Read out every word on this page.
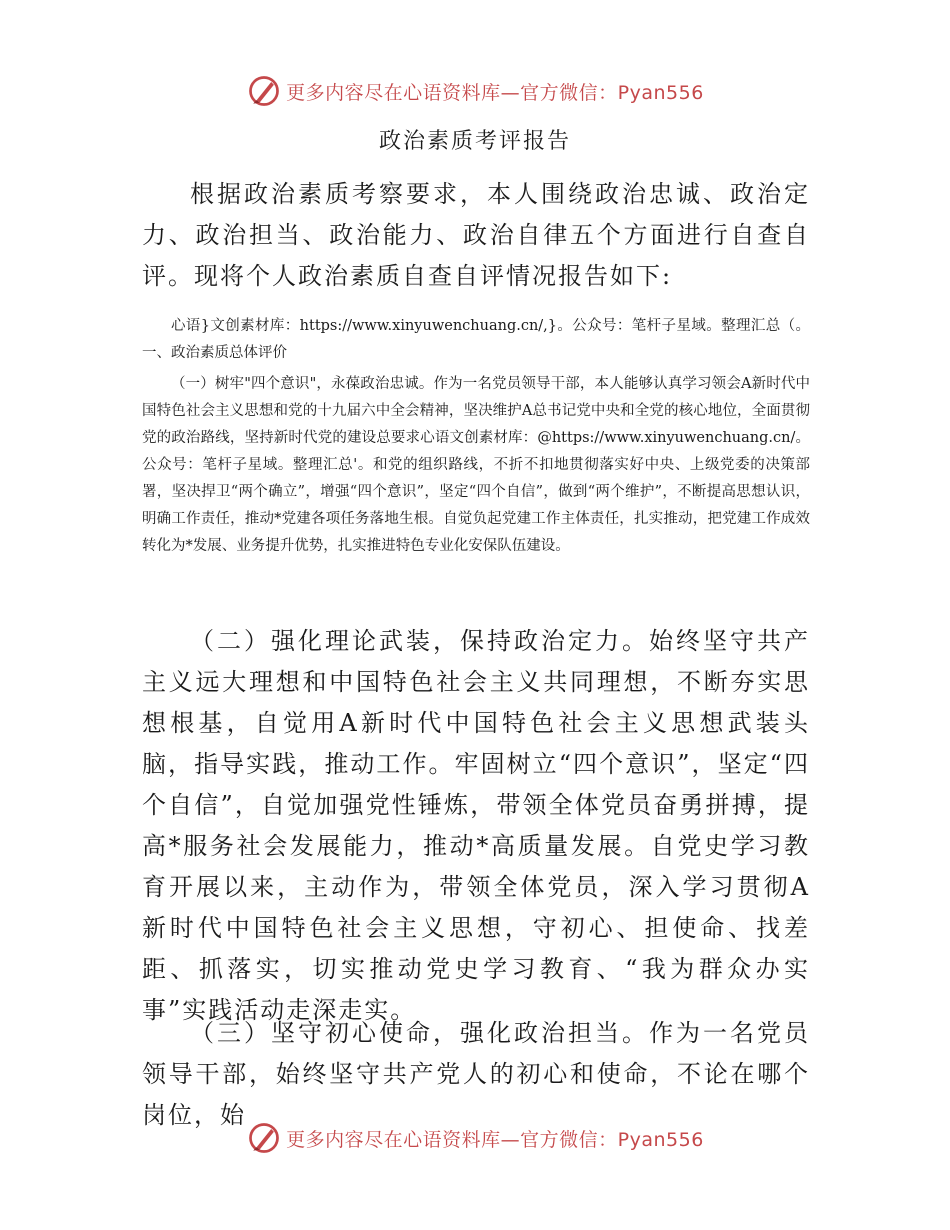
更多内容尽在心语资料库—官方微信：Pyan556
政治素质考评报告

根据政治素质考察要求，本人围绕政治忠诚、政治定力、政治担当、政治能力、政治自律五个方面进行自查自评。现将个人政治素质自查自评情况报告如下:

心语}文创素材库：https://www.xinyuwenchuang.cn/,}。公众号：笔杆子星域。整理汇总（。一、政治素质总体评价

（一）树牢"四个意识"，永葆政治忠诚。作为一名党员领导干部，本人能够认真学习领会A新时代中国特色社会主义思想和党的十九届六中全会精神，坚决维护A总书记党中央和全党的核心地位，全面贯彻党的政治路线，坚持新时代党的建设总要求心语文创素材库：@https://www.xinyuwenchuang.cn/。公众号：笔杆子星域。整理汇总'。和党的组织路线，不折不扣地贯彻落实好中央、上级党委的决策部署，坚决捍卫“两个确立”，增强“四个意识”，坚定“四个自信”，做到“两个维护”，不断提高思想认识，明确工作责任，推动*党建各项任务落地生根。自觉负起党建工作主体责任，扎实推动，把党建工作成效转化为*发展、业务提升优势，扎实推进特色专业化安保队伍建设。

（二）强化理论武装，保持政治定力。始终坚守共产主义远大理想和中国特色社会主义共同理想，不断夯实思想根基，自觉用A新时代中国特色社会主义思想武装头脑，指导实践，推动工作。牢固树立“四个意识”，坚定“四个自信”，自觉加强党性锤炼，带领全体党员奋勇拼搏，提高*服务社会发展能力，推动*高质量发展。自党史学习教育开展以来，主动作为，带领全体党员，深入学习贯彻A新时代中国特色社会主义思想，守初心、担使命、找差距、抓落实，切实推动党史学习教育、“我为群众办实事”实践活动走深走实。

（三）坚守初心使命，强化政治担当。作为一名党员领导干部，始终坚守共产党人的初心和使命，不论在哪个岗位，始

更多内容尽在心语资料库—官方微信：Pyan556
